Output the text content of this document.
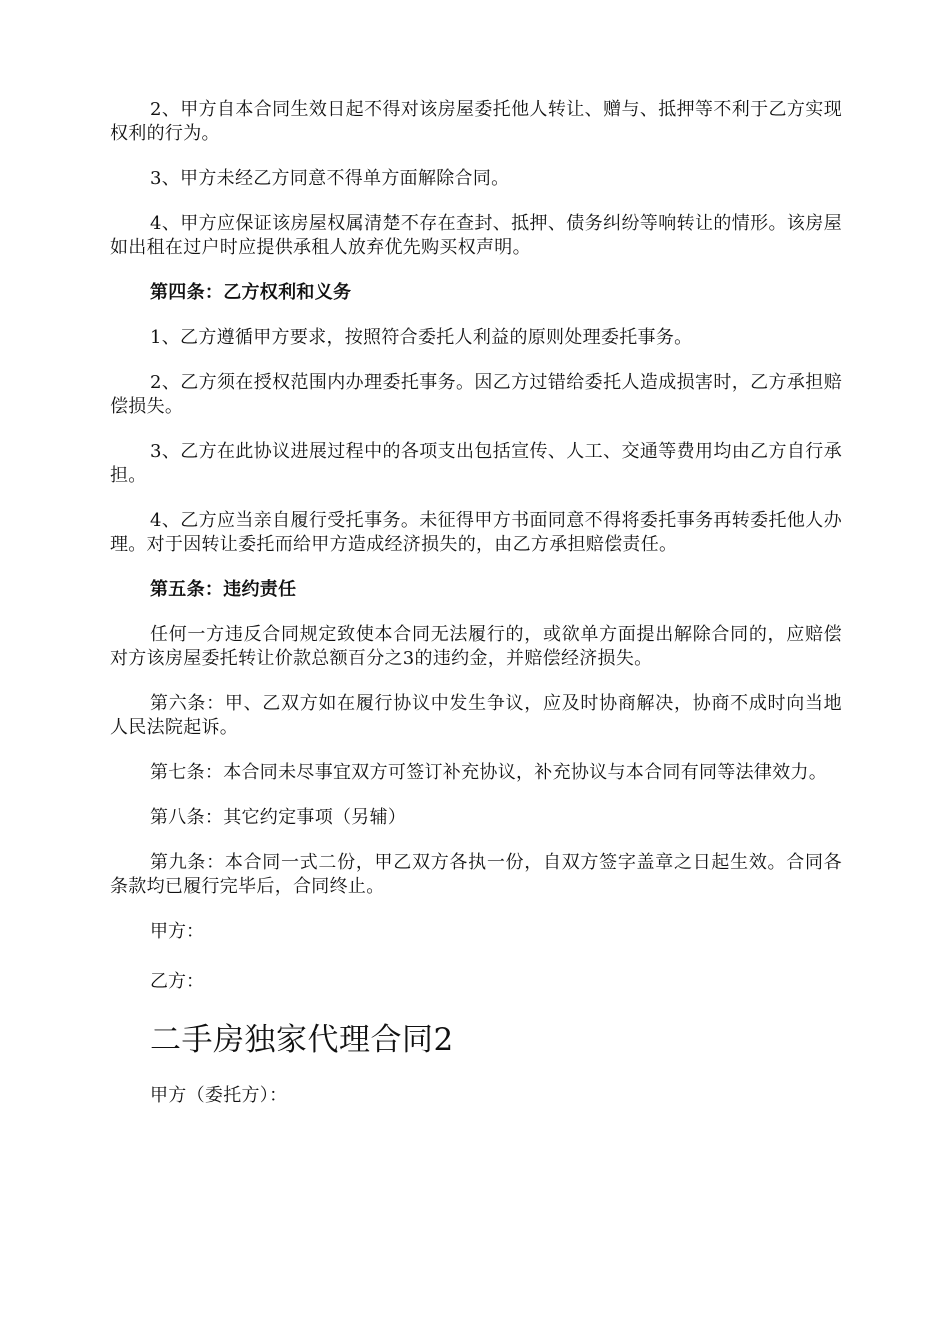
2、甲方自本合同生效日起不得对该房屋委托他人转让、赠与、抵押等不利于乙方实现权利的行为。

3、甲方未经乙方同意不得单方面解除合同。

4、甲方应保证该房屋权属清楚不存在查封、抵押、债务纠纷等响转让的情形。该房屋如出租在过户时应提供承租人放弃优先购买权声明。

第四条：乙方权利和义务

1、乙方遵循甲方要求，按照符合委托人利益的原则处理委托事务。

2、乙方须在授权范围内办理委托事务。因乙方过错给委托人造成损害时，乙方承担赔偿损失。

3、乙方在此协议进展过程中的各项支出包括宣传、人工、交通等费用均由乙方自行承担。

4、乙方应当亲自履行受托事务。未征得甲方书面同意不得将委托事务再转委托他人办理。对于因转让委托而给甲方造成经济损失的，由乙方承担赔偿责任。

第五条：违约责任

任何一方违反合同规定致使本合同无法履行的，或欲单方面提出解除合同的，应赔偿对方该房屋委托转让价款总额百分之3的违约金，并赔偿经济损失。

第六条：甲、乙双方如在履行协议中发生争议，应及时协商解决，协商不成时向当地人民法院起诉。

第七条：本合同未尽事宜双方可签订补充协议，补充协议与本合同有同等法律效力。

第八条：其它约定事项（另辅）

第九条：本合同一式二份，甲乙双方各执一份，自双方签字盖章之日起生效。合同各条款均已履行完毕后，合同终止。

甲方：

乙方：

二手房独家代理合同2

甲方（委托方）：
